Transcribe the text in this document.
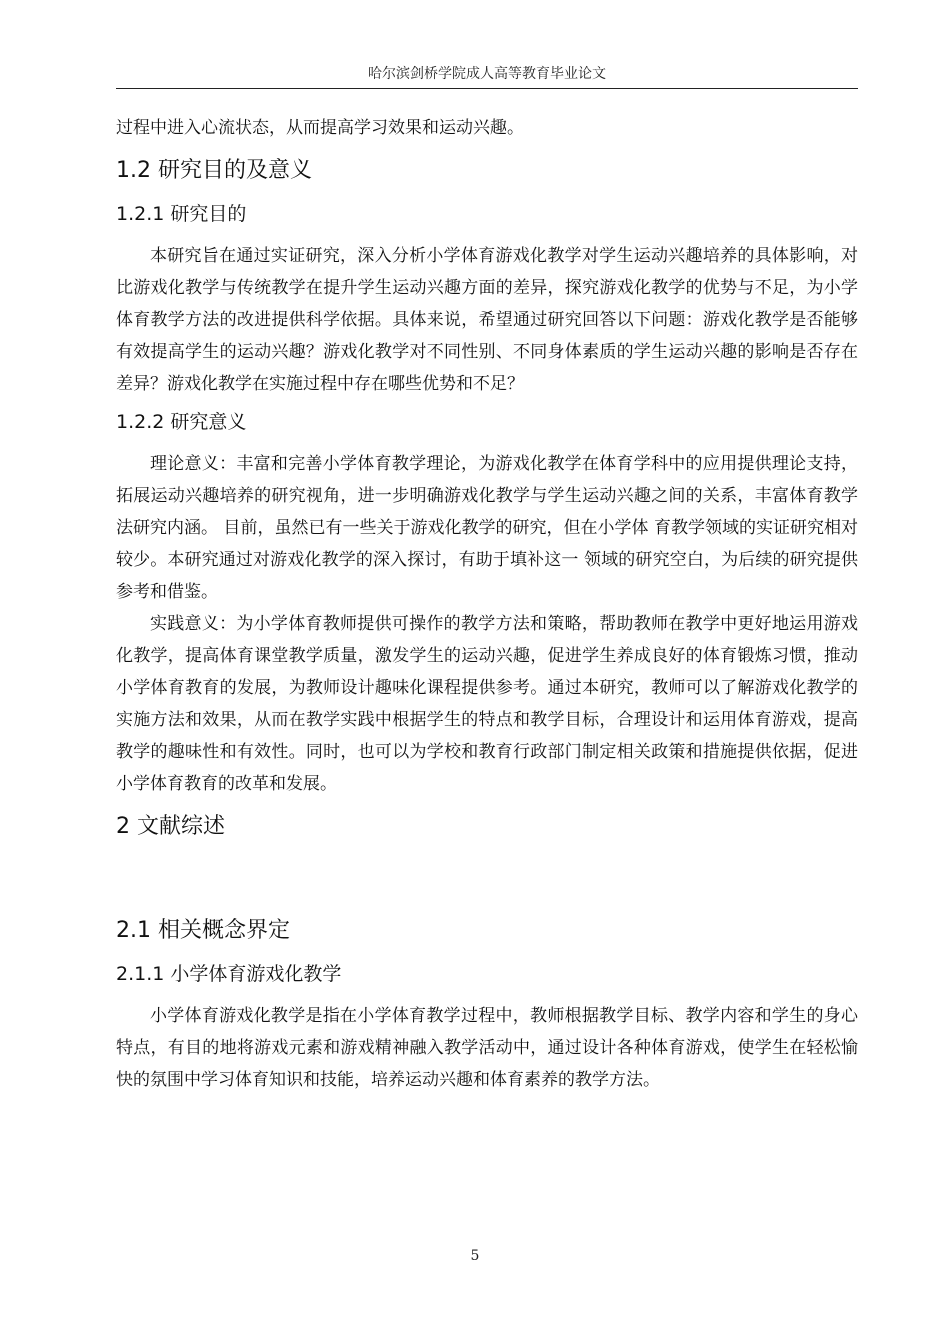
哈尔滨剑桥学院成人高等教育毕业论文

过程中进入心流状态，从而提高学习效果和运动兴趣。

1.2 研究目的及意义
1.2.1 研究目的

本研究旨在通过实证研究，深入分析小学体育游戏化教学对学生运动兴趣培养的具体影响，对比游戏化教学与传统教学在提升学生运动兴趣方面的差异，探究游戏化教学的优势与不足，为小学体育教学方法的改进提供科学依据。具体来说，希望通过研究回答以下问题：游戏化教学是否能够有效提高学生的运动兴趣？游戏化教学对不同性别、不同身体素质的学生运动兴趣的影响是否存在差异？游戏化教学在实施过程中存在哪些优势和不足？

1.2.2 研究意义

理论意义：丰富和完善小学体育教学理论，为游戏化教学在体育学科中的应用提供理论支持，拓展运动兴趣培养的研究视角，进一步明确游戏化教学与学生运动兴趣之间的关系，丰富体育教学法研究内涵。 目前，虽然已有一些关于游戏化教学的研究，但在小学体 育教学领域的实证研究相对较少。本研究通过对游戏化教学的深入探讨，有助于填补这一 领域的研究空白，为后续的研究提供参考和借鉴。

实践意义：为小学体育教师提供可操作的教学方法和策略，帮助教师在教学中更好地运用游戏化教学，提高体育课堂教学质量，激发学生的运动兴趣，促进学生养成良好的体育锻炼习惯，推动小学体育教育的发展，为教师设计趣味化课程提供参考。通过本研究，教师可以了解游戏化教学的实施方法和效果，从而在教学实践中根据学生的特点和教学目标，合理设计和运用体育游戏，提高教学的趣味性和有效性。同时，也可以为学校和教育行政部门制定相关政策和措施提供依据，促进小学体育教育的改革和发展。

2 文献综述
2.1 相关概念界定
2.1.1 小学体育游戏化教学

小学体育游戏化教学是指在小学体育教学过程中，教师根据教学目标、教学内容和学生的身心特点，有目的地将游戏元素和游戏精神融入教学活动中，通过设计各种体育游戏，使学生在轻松愉快的氛围中学习体育知识和技能，培养运动兴趣和体育素养的教学方法。

5
